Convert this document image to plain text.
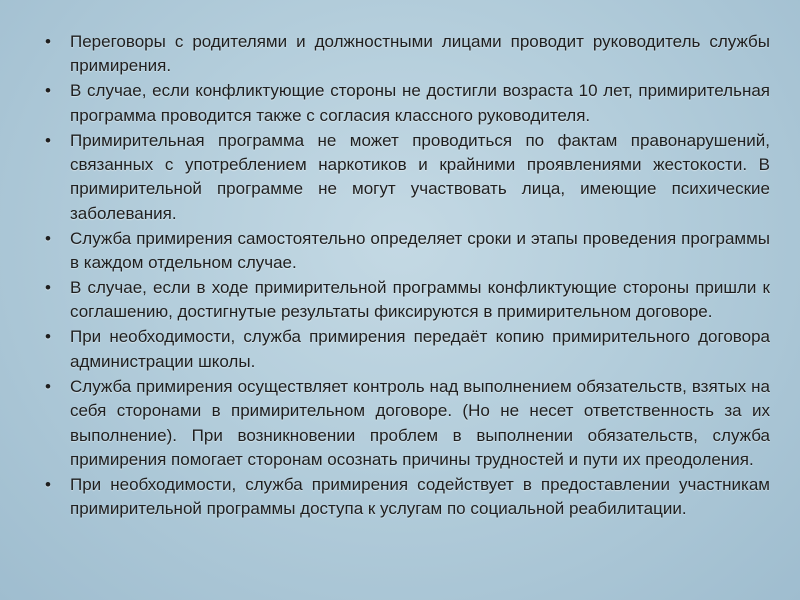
• Переговоры с родителями и должностными лицами проводит руководитель службы примирения.
• В случае, если конфликтующие стороны не достигли возраста 10 лет, примирительная программа проводится также с согласия классного руководителя.
• Примирительная программа не может проводиться по фактам правонарушений, связанных с употреблением наркотиков и крайними проявлениями жестокости. В примирительной программе не могут участвовать лица, имеющие психические заболевания.
• Служба примирения самостоятельно определяет сроки и этапы проведения программы в каждом отдельном случае.
• В случае, если в ходе примирительной программы конфликтующие стороны пришли к соглашению, достигнутые результаты фиксируются в примирительном договоре.
• При необходимости, служба примирения передаёт копию примирительного договора администрации школы.
• Служба примирения осуществляет контроль над выполнением обязательств, взятых на себя сторонами в примирительном договоре. (Но не несет ответственность за их выполнение). При возникновении проблем в выполнении обязательств, служба примирения помогает сторонам осознать причины трудностей и пути их преодоления.
• При необходимости, служба примирения содействует в предоставлении участникам примирительной программы доступа к услугам по социальной реабилитации.
